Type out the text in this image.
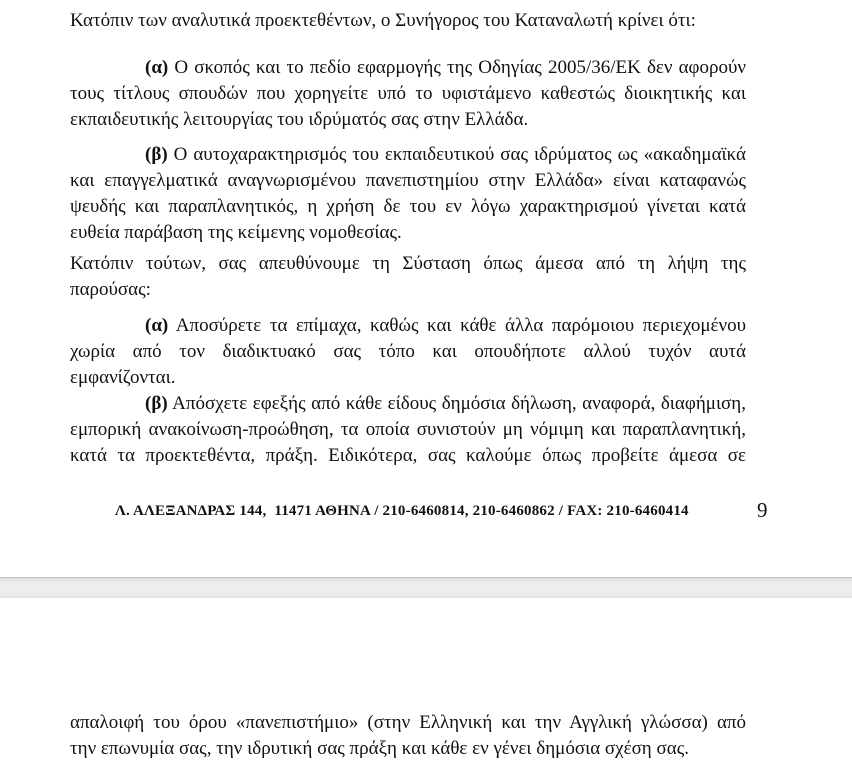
Κατόπιν των αναλυτικά προεκτεθέντων, ο Συνήγορος του Καταναλωτή κρίνει ότι:
(α) Ο σκοπός και το πεδίο εφαρμογής της Οδηγίας 2005/36/ΕΚ δεν αφορούν
τους τίτλους σπουδών που χορηγείτε υπό το υφιστάμενο καθεστώς διοικητικής και
εκπαιδευτικής λειτουργίας του ιδρύματός σας στην Ελλάδα.
(β) Ο αυτοχαρακτηρισμός του εκπαιδευτικού σας ιδρύματος ως «ακαδημαϊκά
και επαγγελματικά αναγνωρισμένου πανεπιστημίου στην Ελλάδα» είναι καταφανώς
ψευδής και παραπλανητικός, η χρήση δε του εν λόγω χαρακτηρισμού γίνεται κατά
ευθεία παράβαση της κείμενης νομοθεσίας.
Κατόπιν τούτων, σας απευθύνουμε τη Σύσταση όπως άμεσα από τη λήψη της
παρούσας:
(α) Αποσύρετε τα επίμαχα, καθώς και κάθε άλλα παρόμοιου περιεχομένου
χωρία από τον διαδικτυακό σας τόπο και οπουδήποτε αλλού τυχόν αυτά
εμφανίζονται.
(β) Απόσχετε εφεξής από κάθε είδους δημόσια δήλωση, αναφορά, διαφήμιση,
εμπορική ανακοίνωση-προώθηση, τα οποία συνιστούν μη νόμιμη και παραπλανητική,
κατά τα προεκτεθέντα, πράξη. Ειδικότερα, σας καλούμε όπως προβείτε άμεσα σε
Λ. ΑΛΕΞΑΝΔΡΑΣ 144,  11471 ΑΘΗΝΑ / 210-6460814, 210-6460862 / FAX: 210-6460414	9
απαλοιφή του όρου «πανεπιστήμιο» (στην Ελληνική και την Αγγλική γλώσσα) από
την επωνυμία σας, την ιδρυτική σας πράξη και κάθε εν γένει δημόσια σχέση σας.
